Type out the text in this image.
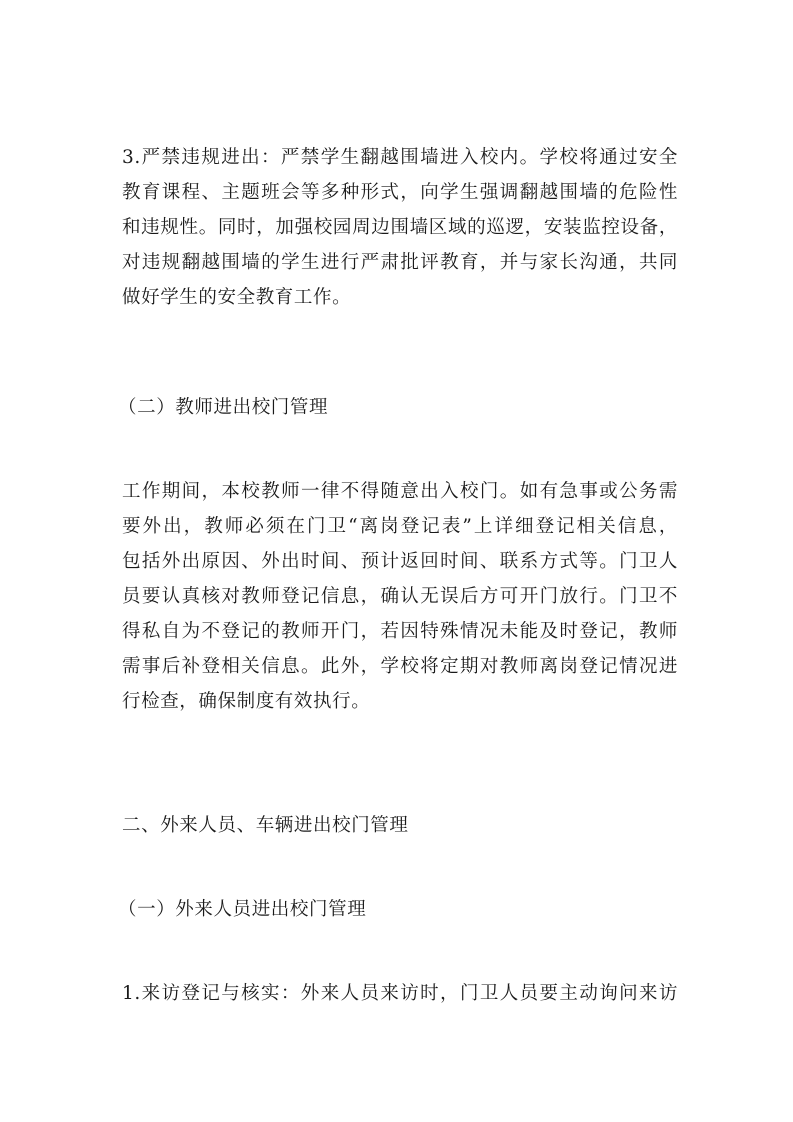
3.严禁违规进出：严禁学生翻越围墙进入校内。学校将通过安全
教育课程、主题班会等多种形式，向学生强调翻越围墙的危险性
和违规性。同时，加强校园周边围墙区域的巡逻，安装监控设备，
对违规翻越围墙的学生进行严肃批评教育，并与家长沟通，共同
做好学生的安全教育工作。
（二）教师进出校门管理
工作期间，本校教师一律不得随意出入校门。如有急事或公务需
要外出，教师必须在门卫“离岗登记表”上详细登记相关信息，
包括外出原因、外出时间、预计返回时间、联系方式等。门卫人
员要认真核对教师登记信息，确认无误后方可开门放行。门卫不
得私自为不登记的教师开门，若因特殊情况未能及时登记，教师
需事后补登相关信息。此外，学校将定期对教师离岗登记情况进
行检查，确保制度有效执行。
二、外来人员、车辆进出校门管理
（一）外来人员进出校门管理
1.来访登记与核实：外来人员来访时，门卫人员要主动询问来访
